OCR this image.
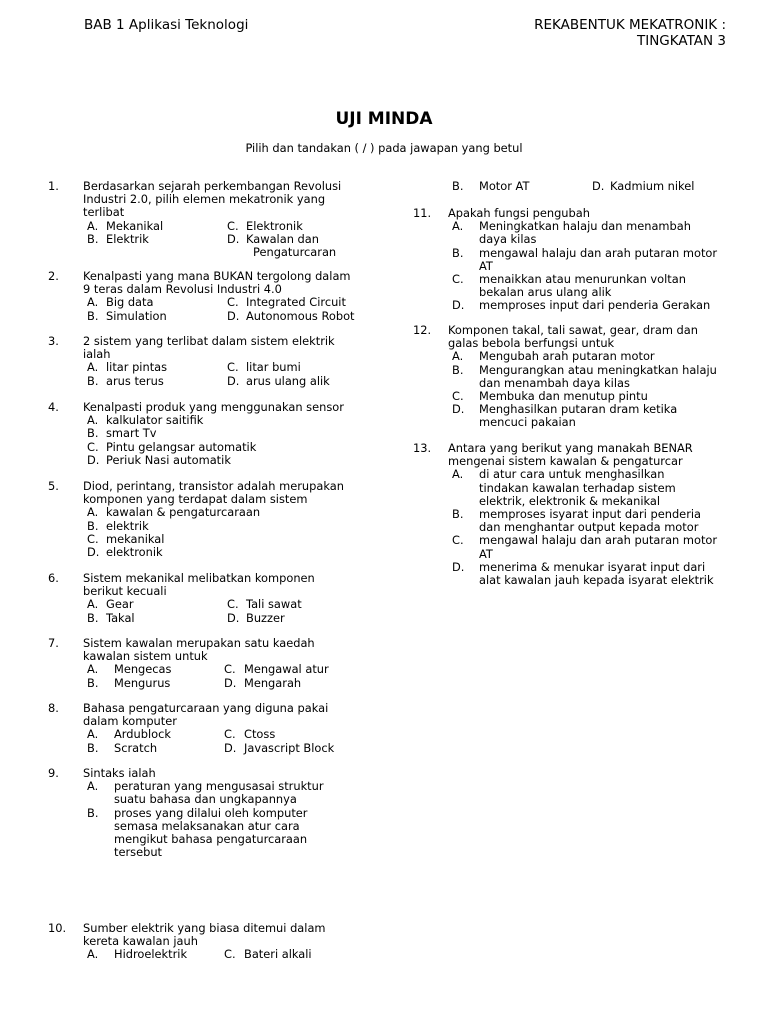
BAB 1 Aplikasi Teknologi	REKABENTUK MEKATRONIK :
TINGKATAN 3
UJI MINDA
Pilih dan tandakan ( / ) pada jawapan yang betul
1. Berdasarkan sejarah perkembangan Revolusi
Industri 2.0, pilih elemen mekatronik yang
terlibat
A. Mekanikal	C. Elektronik
B. Elektrik	D. Kawalan dan
Pengaturcaran
2. Kenalpasti yang mana BUKAN tergolong dalam
9 teras dalam Revolusi Industri 4.0
A. Big data	C. Integrated Circuit
B. Simulation	D. Autonomous Robot
3. 2 sistem yang terlibat dalam sistem elektrik
ialah
A. litar pintas	C. litar bumi
B. arus terus	D. arus ulang alik
4. Kenalpasti produk yang menggunakan sensor
A. kalkulator saitifik
B. smart Tv
C. Pintu gelangsar automatik
D. Periuk Nasi automatik
5. Diod, perintang, transistor adalah merupakan
komponen yang terdapat dalam sistem
A. kawalan & pengaturcaraan
B. elektrik
C. mekanikal
D. elektronik
6. Sistem mekanikal melibatkan komponen
berikut kecuali
A. Gear	C. Tali sawat
B. Takal	D. Buzzer
7. Sistem kawalan merupakan satu kaedah
kawalan sistem untuk
A. Mengecas	C. Mengawal atur
B. Mengurus	D. Mengarah
8. Bahasa pengaturcaraan yang diguna pakai
dalam komputer
A. Ardublock	C. Ctoss
B. Scratch	D. Javascript Block
9. Sintaks ialah
A. peraturan yang mengusasai struktur
suatu bahasa dan ungkapannya
B. proses yang dilalui oleh komputer
semasa melaksanakan atur cara
mengikut bahasa pengaturcaraan
tersebut
10. Sumber elektrik yang biasa ditemui dalam
kereta kawalan jauh
A. Hidroelektrik	C. Bateri alkali
B. Motor AT	D. Kadmium nikel
11. Apakah fungsi pengubah
A. Meningkatkan halaju dan menambah
daya kilas
B. mengawal halaju dan arah putaran motor
AT
C. menaikkan atau menurunkan voltan
bekalan arus ulang alik
D. memproses input dari penderia Gerakan
12. Komponen takal, tali sawat, gear, dram dan
galas bebola berfungsi untuk
A. Mengubah arah putaran motor
B. Mengurangkan atau meningkatkan halaju
dan menambah daya kilas
C. Membuka dan menutup pintu
D. Menghasilkan putaran dram ketika
mencuci pakaian
13. Antara yang berikut yang manakah BENAR
mengenai sistem kawalan & pengaturcar
A. di atur cara untuk menghasilkan
tindakan kawalan terhadap sistem
elektrik, elektronik & mekanikal
B. memproses isyarat input dari penderia
dan menghantar output kepada motor
C. mengawal halaju dan arah putaran motor
AT
D. menerima & menukar isyarat input dari
alat kawalan jauh kepada isyarat elektrik
